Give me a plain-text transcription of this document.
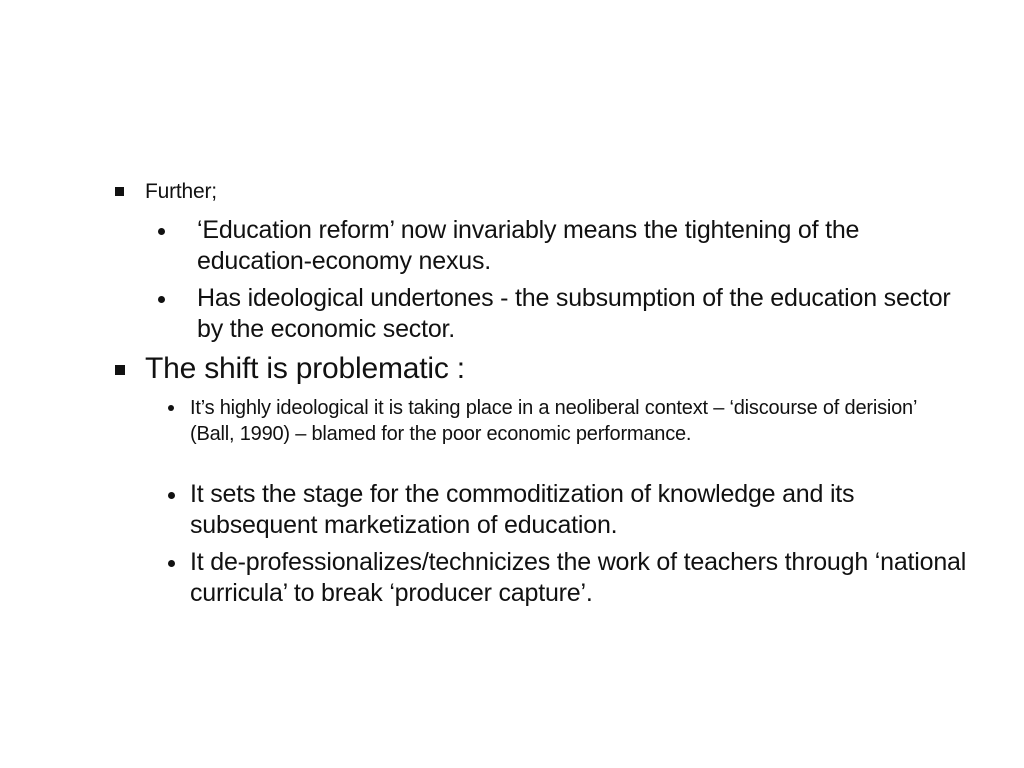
Further;
‘Education reform’ now invariably means the tightening of the education-economy nexus.
Has ideological undertones - the subsumption of the education sector by the economic sector.
The shift is problematic :
It’s highly ideological it is taking place in a neoliberal context – ‘discourse of derision’ (Ball, 1990) – blamed for the poor economic performance.
It sets the stage for the commoditization of knowledge and its subsequent marketization of education.
It de-professionalizes/technicizes the work of teachers through ‘national curricula’ to break ‘producer capture’.
